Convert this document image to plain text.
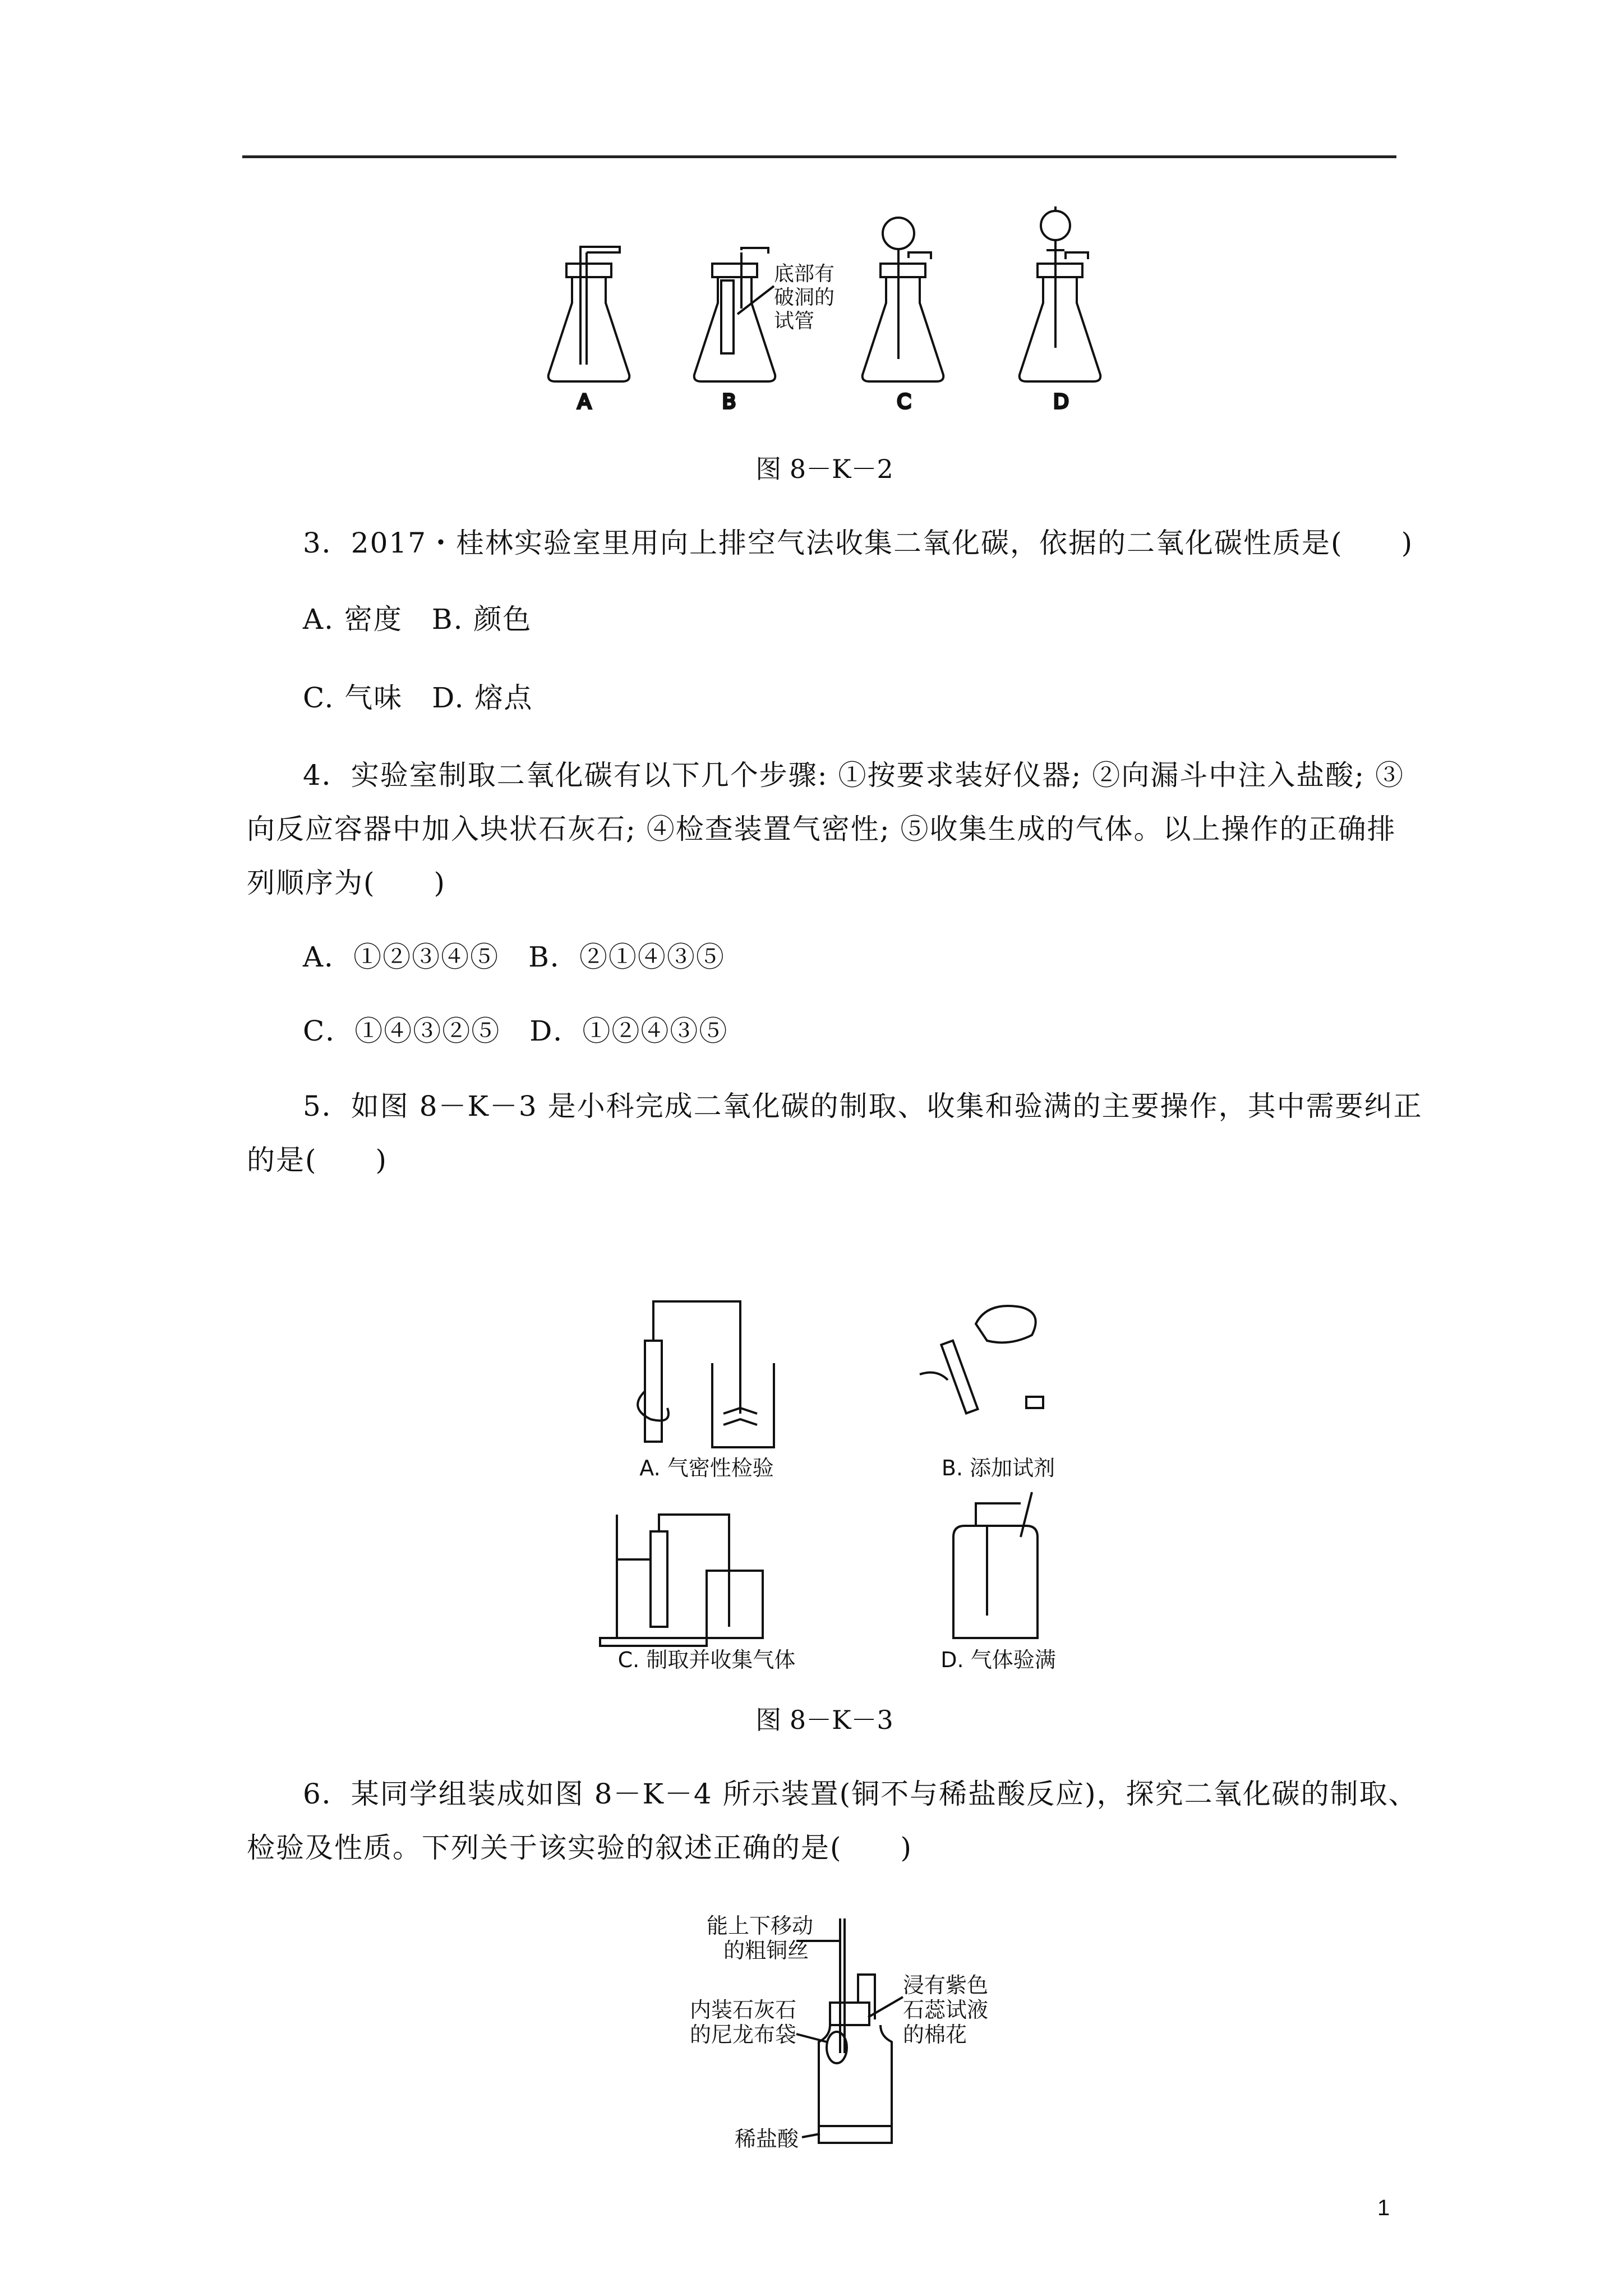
A	B
底部有
破洞的
试管
C	D
图 8－K－2
3．2017・桂林实验室里用向上排空气法收集二氧化碳，依据的二氧化碳性质是(　　)
A. 密度　B. 颜色
C. 气味　D. 熔点
4．实验室制取二氧化碳有以下几个步骤: ①按要求装好仪器; ②向漏斗中注入盐酸; ③
向反应容器中加入块状石灰石; ④检查装置气密性; ⑤收集生成的气体。以上操作的正确排
列顺序为(　　)
A．①②③④⑤　B．②①④③⑤
C．①④③②⑤　D．①②④③⑤
5．如图 8－K－3 是小科完成二氧化碳的制取、收集和验满的主要操作，其中需要纠正
的是(　　)
A. 气密性检验	B. 添加试剂
C. 制取并收集气体	D. 气体验满
图 8－K－3
6．某同学组装成如图 8－K－4 所示装置(铜不与稀盐酸反应)，探究二氧化碳的制取、
检验及性质。下列关于该实验的叙述正确的是(　　)
能上下移动
的粗铜丝
内装石灰石
的尼龙布袋
浸有紫色
石蕊试液
的棉花
稀盐酸
1
